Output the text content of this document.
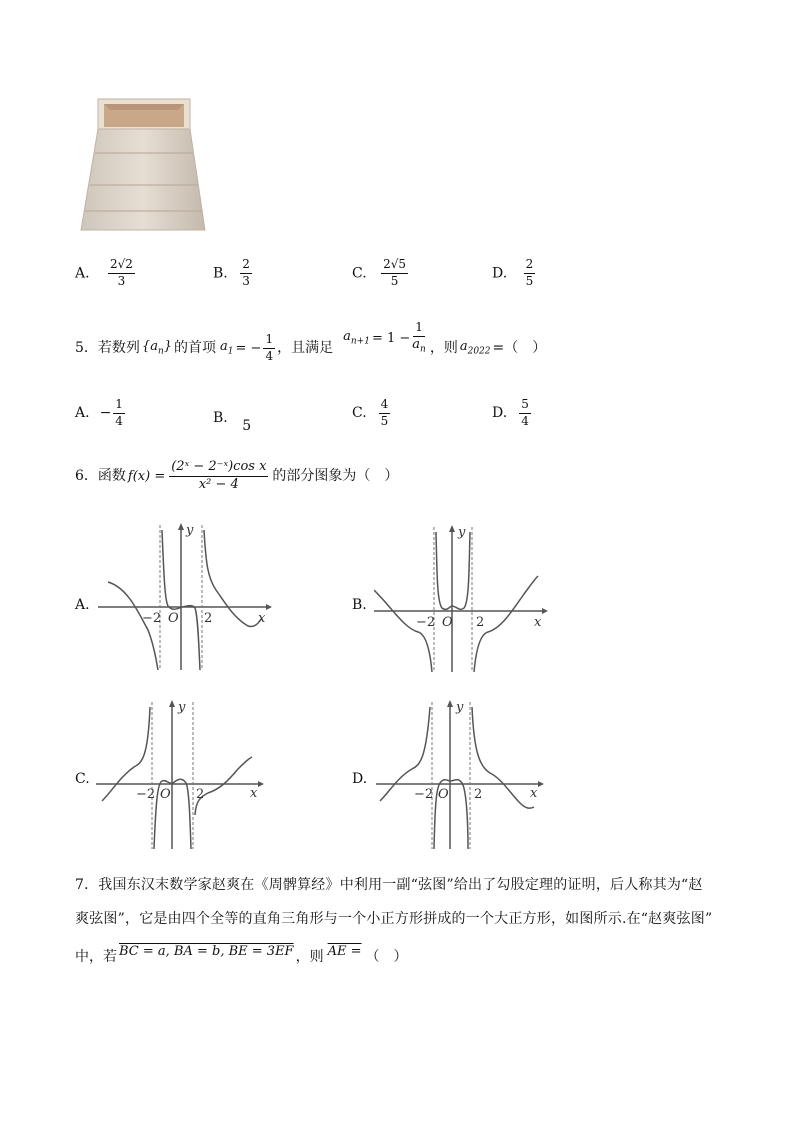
A. $\frac{2√2}{3}$	B. $\frac{2}{3}$	C. $\frac{2√5}{5}$	D. $\frac{2}{5}$
5． 若数列 $\{a_n\}$ 的首项 $a_1$ = − $\frac{1}{4}$ ，且满足
$a_{n+1} = 1 - \frac{1}{a_n}$ ，则 $a_{2022}$ =（　）
A. − $\frac{1}{4}$	B. 5
C. $\frac{4}{5}$	D. $\frac{5}{4}$
6． 函数 $f(x) = \frac{\text{(2ˣ − 2⁻ˣ)cos x}}{\text{x² − 4}}$ 的部分图象为（　）
A.
y
x
O
−2	2
B.
y
x
O
−2	2
C.
y
x
O
−2	2
D.
y
x
O
−2	2
7．我国东汉末数学家赵爽在《周髀算经》中利用一副“弦图”给出了勾股定理的证明，后人称其为“赵
爽弦图”，它是由四个全等的直角三角形与一个小正方形拼成的一个大正方形，如图所示.在“赵爽弦图”
中，若 BC = a, BA = b, BE = 3EF ，则 AE = （　）
